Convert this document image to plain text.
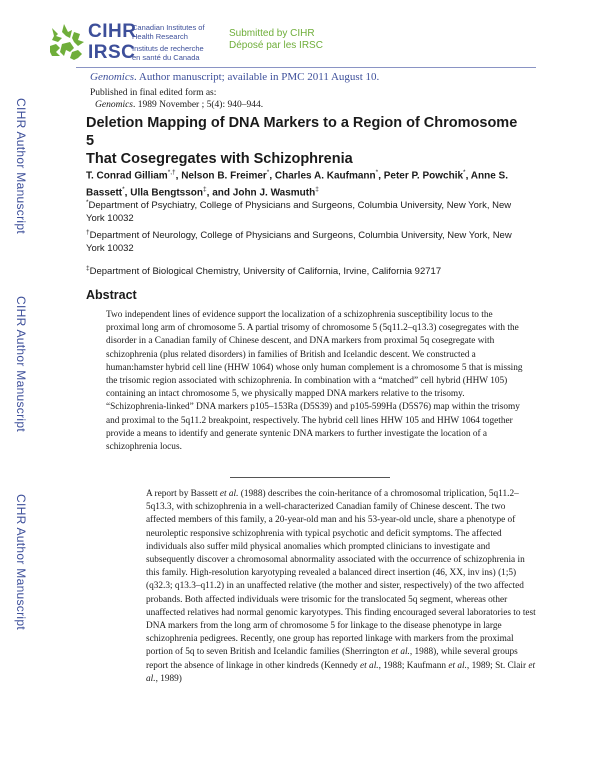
CIHR
IRSC
Canadian Institutes of
Health Research
Instituts de recherche
en santé du Canada
Submitted by CIHR
Déposé par les IRSC
Genomics. Author manuscript; available in PMC 2011 August 10.
Published in final edited form as:
Genomics. 1989 November ; 5(4): 940–944.
CIHR Author Manuscript
CIHR Author Manuscript
CIHR Author Manuscript
Deletion Mapping of DNA Markers to a Region of Chromosome 5
That Cosegregates with Schizophrenia
T. Conrad Gilliam*,†, Nelson B. Freimer*, Charles A. Kaufmann*, Peter P. Powchik*, Anne S. Bassett*, Ulla Bengtsson‡, and John J. Wasmuth‡
*Department of Psychiatry, College of Physicians and Surgeons, Columbia University, New York, New York 10032
†Department of Neurology, College of Physicians and Surgeons, Columbia University, New York, New York 10032
‡Department of Biological Chemistry, University of California, Irvine, California 92717
Abstract
Two independent lines of evidence support the localization of a schizophrenia susceptibility locus to the proximal long arm of chromosome 5. A partial trisomy of chromosome 5 (5q11.2–q13.3) cosegregates with the disorder in a Canadian family of Chinese descent, and DNA markers from proximal 5q cosegregate with schizophrenia (plus related disorders) in families of British and Icelandic descent. We constructed a human:hamster hybrid cell line (HHW 1064) whose only human complement is a chromosome 5 that is missing the trisomic region associated with schizophrenia. In combination with a “matched” cell hybrid (HHW 105) containing an intact chromosome 5, we physically mapped DNA markers relative to the trisomy. “Schizophrenia-linked” DNA markers p105–153Ra (D5S39) and p105-599Ha (D5S76) map within the trisomy and proximal to the 5q11.2 breakpoint, respectively. The hybrid cell lines HHW 105 and HHW 1064 together provide a means to identify and generate syntenic DNA markers to further investigate the location of a schizophrenia locus.
A report by Bassett et al. (1988) describes the coin-heritance of a chromosomal triplication, 5q11.2–5q13.3, with schizophrenia in a well-characterized Canadian family of Chinese descent. The two affected members of this family, a 20-year-old man and his 53-year-old uncle, share a phenotype of neuroleptic responsive schizophrenia with typical psychotic and deficit symptoms. The affected individuals also suffer mild physical anomalies which prompted clinicians to investigate and subsequently discover a chromosomal abnormality associated with the occurrence of schizophrenia in this family. High-resolution karyotyping revealed a balanced direct insertion (46, XX, inv ins) (1;5) (q32.3; q13.3–q11.2) in an unaffected relative (the mother and sister, respectively) of the two affected probands. Both affected individuals were trisomic for the translocated 5q segment, whereas other unaffected relatives had normal genomic karyotypes. This finding encouraged several laboratories to test DNA markers from the long arm of chromosome 5 for linkage to the disease phenotype in large schizophrenia pedigrees. Recently, one group has reported linkage with markers from the proximal portion of 5q to seven British and Icelandic families (Sherrington et al., 1988), while several groups report the absence of linkage in other kindreds (Kennedy et al., 1988; Kaufmann et al., 1989; St. Clair et al., 1989)
